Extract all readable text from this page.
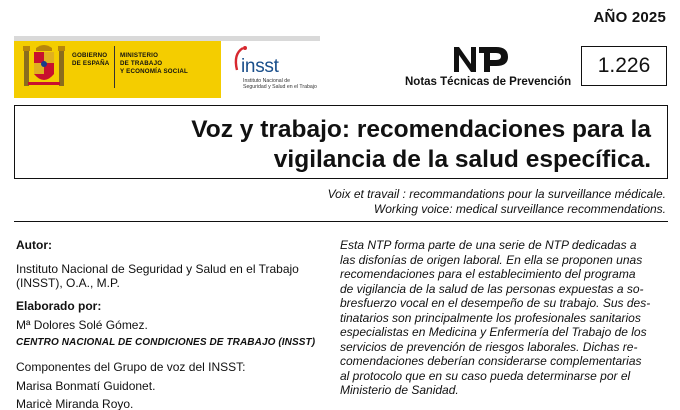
AÑO 2025
GOBIERNO
DE ESPAÑA
MINISTERIO
DE TRABAJO
Y ECONOMÍA SOCIAL	insst
Instituto Nacional de
Seguridad y Salud en el Trabajo	Notas Técnicas de Prevención
1.226
Voz y trabajo: recomendaciones para la
vigilancia de la salud específica.
Voix et travail : recommandations pour la surveillance médicale.
Working voice: medical surveillance recommendations.
Autor:
Instituto Nacional de Seguridad y Salud en el Trabajo
(INSST), O.A., M.P.
Elaborado por:
Mª Dolores Solé Gómez.
CENTRO NACIONAL DE CONDICIONES DE TRABAJO (INSST)
Componentes del Grupo de voz del INSST:
Marisa Bonmatí Guidonet.
Maricè Miranda Royo.
Esta NTP forma parte de una serie de NTP dedicadas a
las disfonías de origen laboral. En ella se proponen unas
recomendaciones para el establecimiento del programa
de vigilancia de la salud de las personas expuestas a so-
bresfuerzo vocal en el desempeño de su trabajo. Sus des-
tinatarios son principalmente los profesionales sanitarios
especialistas en Medicina y Enfermería del Trabajo de los
servicios de prevención de riesgos laborales. Dichas re-
comendaciones deberían considerarse complementarias
al protocolo que en su caso pueda determinarse por el
Ministerio de Sanidad.
